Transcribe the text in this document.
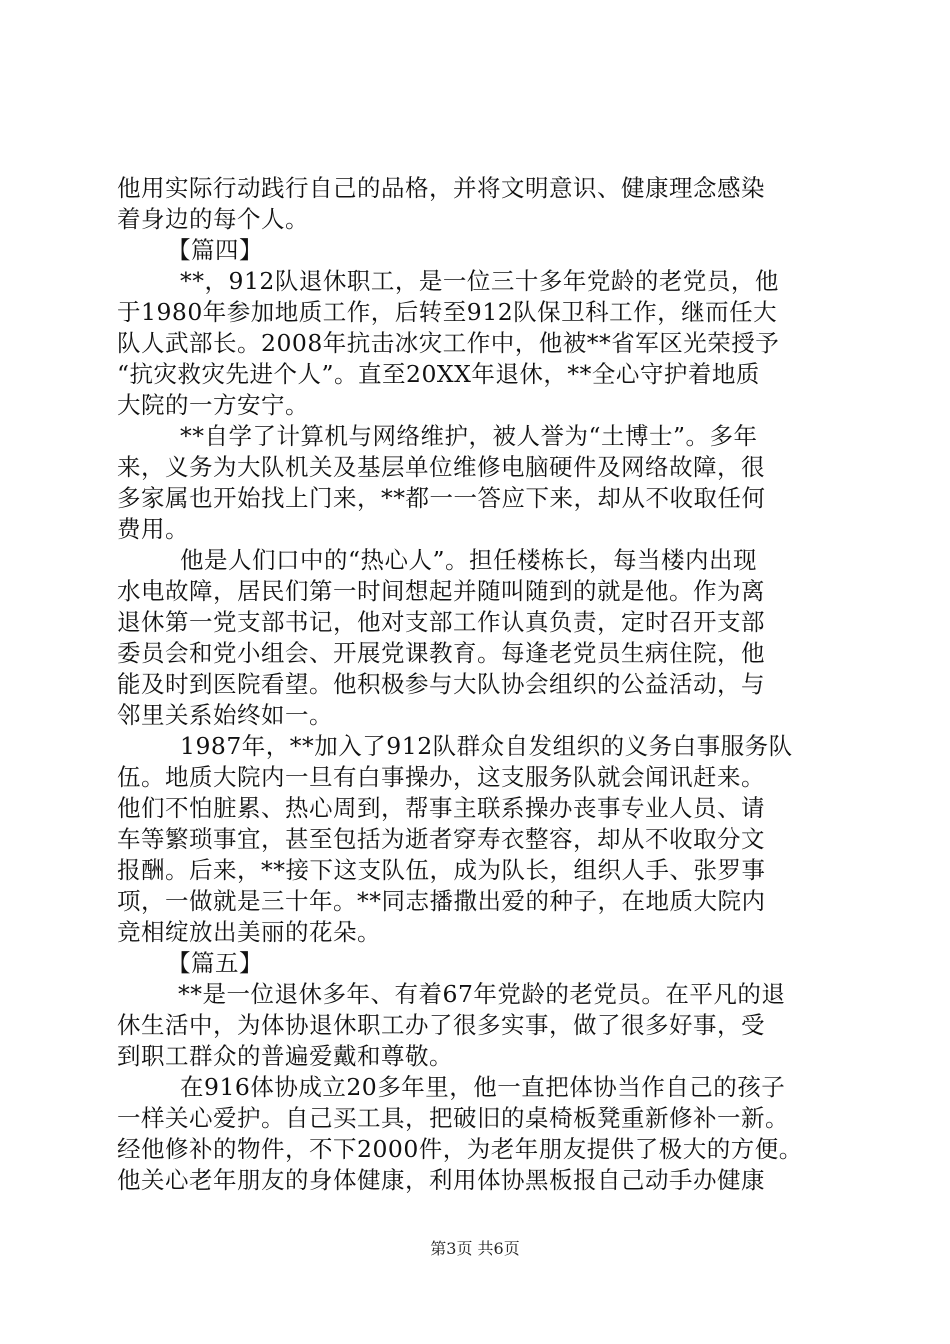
他用实际行动践行自己的品格，并将文明意识、健康理念感染
着身边的每个人。
【篇四】
**，912队退休职工，是一位三十多年党龄的老党员，他
于1980年参加地质工作，后转至912队保卫科工作，继而任大
队人武部长。2008年抗击冰灾工作中，他被**省军区光荣授予
“抗灾救灾先进个人”。直至20XX年退休，**全心守护着地质
大院的一方安宁。
**自学了计算机与网络维护，被人誉为“土博士”。多年
来，义务为大队机关及基层单位维修电脑硬件及网络故障，很
多家属也开始找上门来，**都一一答应下来，却从不收取任何
费用。
他是人们口中的“热心人”。担任楼栋长，每当楼内出现
水电故障，居民们第一时间想起并随叫随到的就是他。作为离
退休第一党支部书记，他对支部工作认真负责，定时召开支部
委员会和党小组会、开展党课教育。每逢老党员生病住院，他
能及时到医院看望。他积极参与大队协会组织的公益活动，与
邻里关系始终如一。
1987年，**加入了912队群众自发组织的义务白事服务队
伍。地质大院内一旦有白事操办，这支服务队就会闻讯赶来。
他们不怕脏累、热心周到，帮事主联系操办丧事专业人员、请
车等繁琐事宜，甚至包括为逝者穿寿衣整容，却从不收取分文
报酬。后来，**接下这支队伍，成为队长，组织人手、张罗事
项，一做就是三十年。**同志播撒出爱的种子，在地质大院内
竞相绽放出美丽的花朵。
【篇五】
**是一位退休多年、有着67年党龄的老党员。在平凡的退
休生活中，为体协退休职工办了很多实事，做了很多好事，受
到职工群众的普遍爱戴和尊敬。
在916体协成立20多年里，他一直把体协当作自己的孩子
一样关心爱护。自己买工具，把破旧的桌椅板凳重新修补一新。
经他修补的物件，不下2000件，为老年朋友提供了极大的方便。
他关心老年朋友的身体健康，利用体协黑板报自己动手办健康
第3页 共6页
